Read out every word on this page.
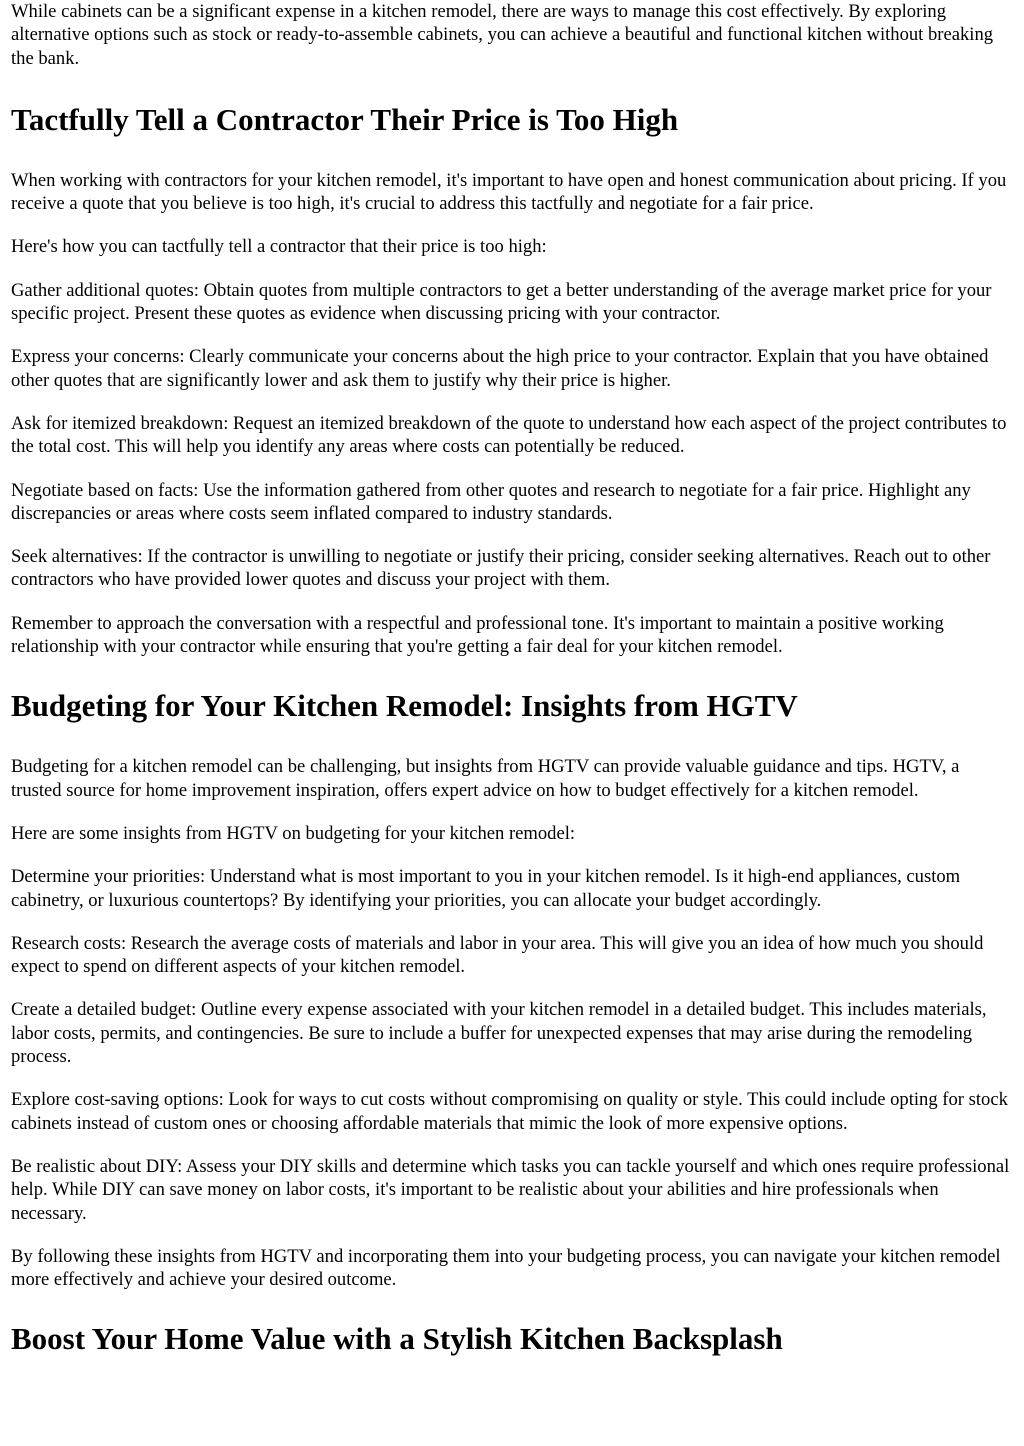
While cabinets can be a significant expense in a kitchen remodel, there are ways to manage this cost effectively. By exploring alternative options such as stock or ready-to-assemble cabinets, you can achieve a beautiful and functional kitchen without breaking the bank.

Tactfully Tell a Contractor Their Price is Too High

When working with contractors for your kitchen remodel, it's important to have open and honest communication about pricing. If you receive a quote that you believe is too high, it's crucial to address this tactfully and negotiate for a fair price.

Here's how you can tactfully tell a contractor that their price is too high:

Gather additional quotes: Obtain quotes from multiple contractors to get a better understanding of the average market price for your specific project. Present these quotes as evidence when discussing pricing with your contractor.

Express your concerns: Clearly communicate your concerns about the high price to your contractor. Explain that you have obtained other quotes that are significantly lower and ask them to justify why their price is higher.

Ask for itemized breakdown: Request an itemized breakdown of the quote to understand how each aspect of the project contributes to the total cost. This will help you identify any areas where costs can potentially be reduced.

Negotiate based on facts: Use the information gathered from other quotes and research to negotiate for a fair price. Highlight any discrepancies or areas where costs seem inflated compared to industry standards.

Seek alternatives: If the contractor is unwilling to negotiate or justify their pricing, consider seeking alternatives. Reach out to other contractors who have provided lower quotes and discuss your project with them.

Remember to approach the conversation with a respectful and professional tone. It's important to maintain a positive working relationship with your contractor while ensuring that you're getting a fair deal for your kitchen remodel.

Budgeting for Your Kitchen Remodel: Insights from HGTV

Budgeting for a kitchen remodel can be challenging, but insights from HGTV can provide valuable guidance and tips. HGTV, a trusted source for home improvement inspiration, offers expert advice on how to budget effectively for a kitchen remodel.

Here are some insights from HGTV on budgeting for your kitchen remodel:

Determine your priorities: Understand what is most important to you in your kitchen remodel. Is it high-end appliances, custom cabinetry, or luxurious countertops? By identifying your priorities, you can allocate your budget accordingly.

Research costs: Research the average costs of materials and labor in your area. This will give you an idea of how much you should expect to spend on different aspects of your kitchen remodel.

Create a detailed budget: Outline every expense associated with your kitchen remodel in a detailed budget. This includes materials, labor costs, permits, and contingencies. Be sure to include a buffer for unexpected expenses that may arise during the remodeling process.

Explore cost-saving options: Look for ways to cut costs without compromising on quality or style. This could include opting for stock cabinets instead of custom ones or choosing affordable materials that mimic the look of more expensive options.

Be realistic about DIY: Assess your DIY skills and determine which tasks you can tackle yourself and which ones require professional help. While DIY can save money on labor costs, it's important to be realistic about your abilities and hire professionals when necessary.

By following these insights from HGTV and incorporating them into your budgeting process, you can navigate your kitchen remodel more effectively and achieve your desired outcome.

Boost Your Home Value with a Stylish Kitchen Backsplash
